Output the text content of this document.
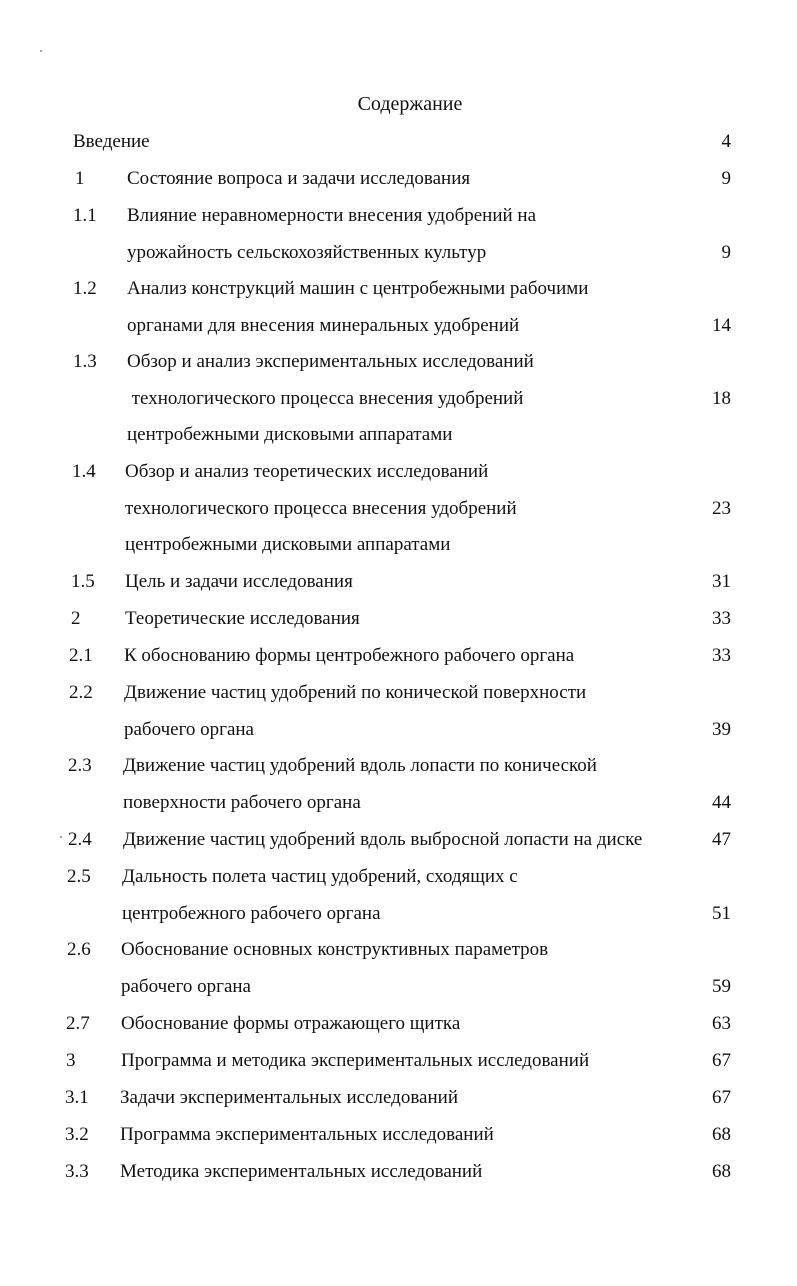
Содержание
Введение	4
1 Состояние вопроса и задачи исследования	9
1.1 Влияние неравномерности внесения удобрений на
урожайность сельскохозяйственных культур	9
1.2 Анализ конструкций машин с центробежными рабочими
органами для внесения минеральных удобрений	14
1.3 Обзор и анализ экспериментальных исследований
технологического процесса внесения удобрений	18
центробежными дисковыми аппаратами
1.4 Обзор и анализ теоретических исследований
технологического процесса внесения удобрений	23
центробежными дисковыми аппаратами
1.5 Цель и задачи исследования	31
2 Теоретические исследования	33
2.1 К обоснованию формы центробежного рабочего органа	33
2.2 Движение частиц удобрений по конической поверхности
рабочего органа	39
2.3 Движение частиц удобрений вдоль лопасти по конической
поверхности рабочего органа	44
2.4 Движение частиц удобрений вдоль выбросной лопасти на диске	47
2.5 Дальность полета частиц удобрений, сходящих с
центробежного рабочего органа	51
2.6 Обоснование основных конструктивных параметров
рабочего органа	59
2.7 Обоснование формы отражающего щитка	63
3 Программа и методика экспериментальных исследований	67
3.1 Задачи экспериментальных исследований	67
3.2 Программа экспериментальных исследований	68
3.3 Методика экспериментальных исследований	68
